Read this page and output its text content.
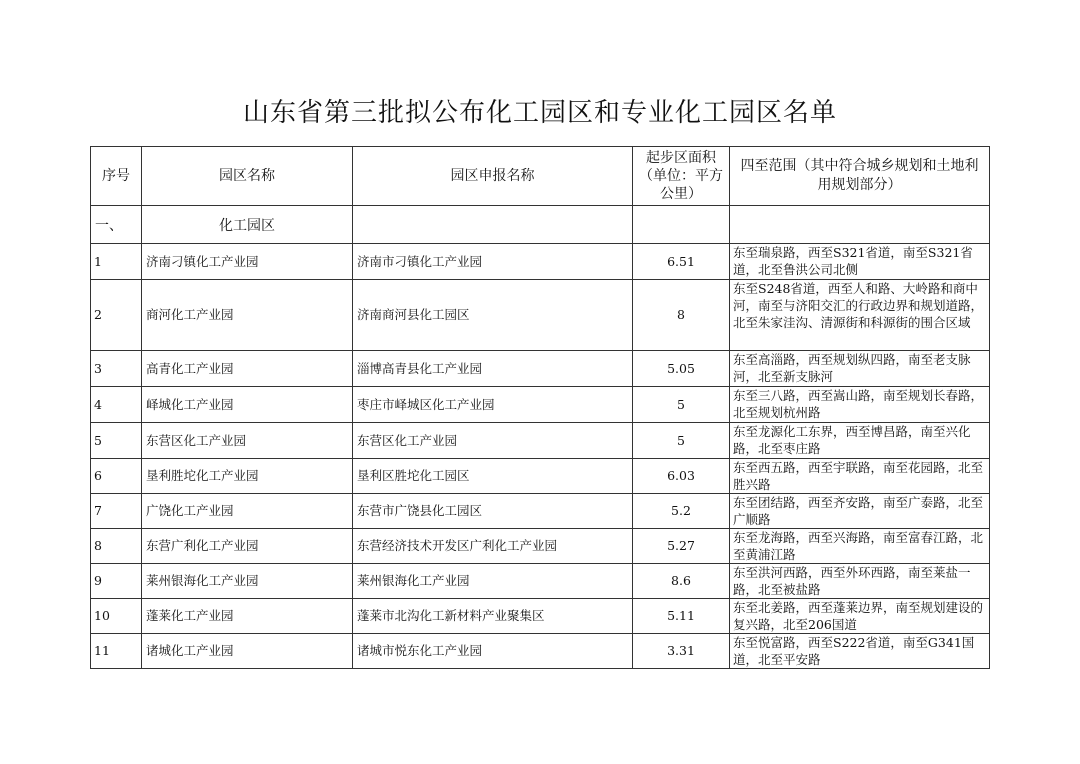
山东省第三批拟公布化工园区和专业化工园区名单
序号	园区名称	园区申报名称	起步区面积（单位：平方公里）	四至范围（其中符合城乡规划和土地利用规划部分）
一、	化工园区			
1	济南刁镇化工产业园	济南市刁镇化工产业园	6.51	东至瑞泉路，西至S321省道，南至S321省道，北至鲁洪公司北侧
2	商河化工产业园	济南商河县化工园区	8	东至S248省道，西至人和路、大岭路和商中河，南至与济阳交汇的行政边界和规划道路，北至朱家洼沟、清源街和科源街的围合区域
3	高青化工产业园	淄博高青县化工产业园	5.05	东至高淄路，西至规划纵四路，南至老支脉河，北至新支脉河
4	峄城化工产业园	枣庄市峄城区化工产业园	5	东至三八路，西至嵩山路，南至规划长春路，北至规划杭州路
5	东营区化工产业园	东营区化工产业园	5	东至龙源化工东界，西至博昌路，南至兴化路，北至枣庄路
6	垦利胜坨化工产业园	垦利区胜坨化工园区	6.03	东至西五路，西至宇联路，南至花园路，北至胜兴路
7	广饶化工产业园	东营市广饶县化工园区	5.2	东至团结路，西至齐安路，南至广泰路，北至广顺路
8	东营广利化工产业园	东营经济技术开发区广利化工产业园	5.27	东至龙海路，西至兴海路，南至富春江路，北至黄浦江路
9	莱州银海化工产业园	莱州银海化工产业园	8.6	东至洪河西路，西至外环西路，南至莱盐一路，北至被盐路
10	蓬莱化工产业园	蓬莱市北沟化工新材料产业聚集区	5.11	东至北姜路，西至蓬莱边界，南至规划建设的复兴路，北至206国道
11	诸城化工产业园	诸城市悦东化工产业园	3.31	东至悦富路，西至S222省道，南至G341国道，北至平安路
